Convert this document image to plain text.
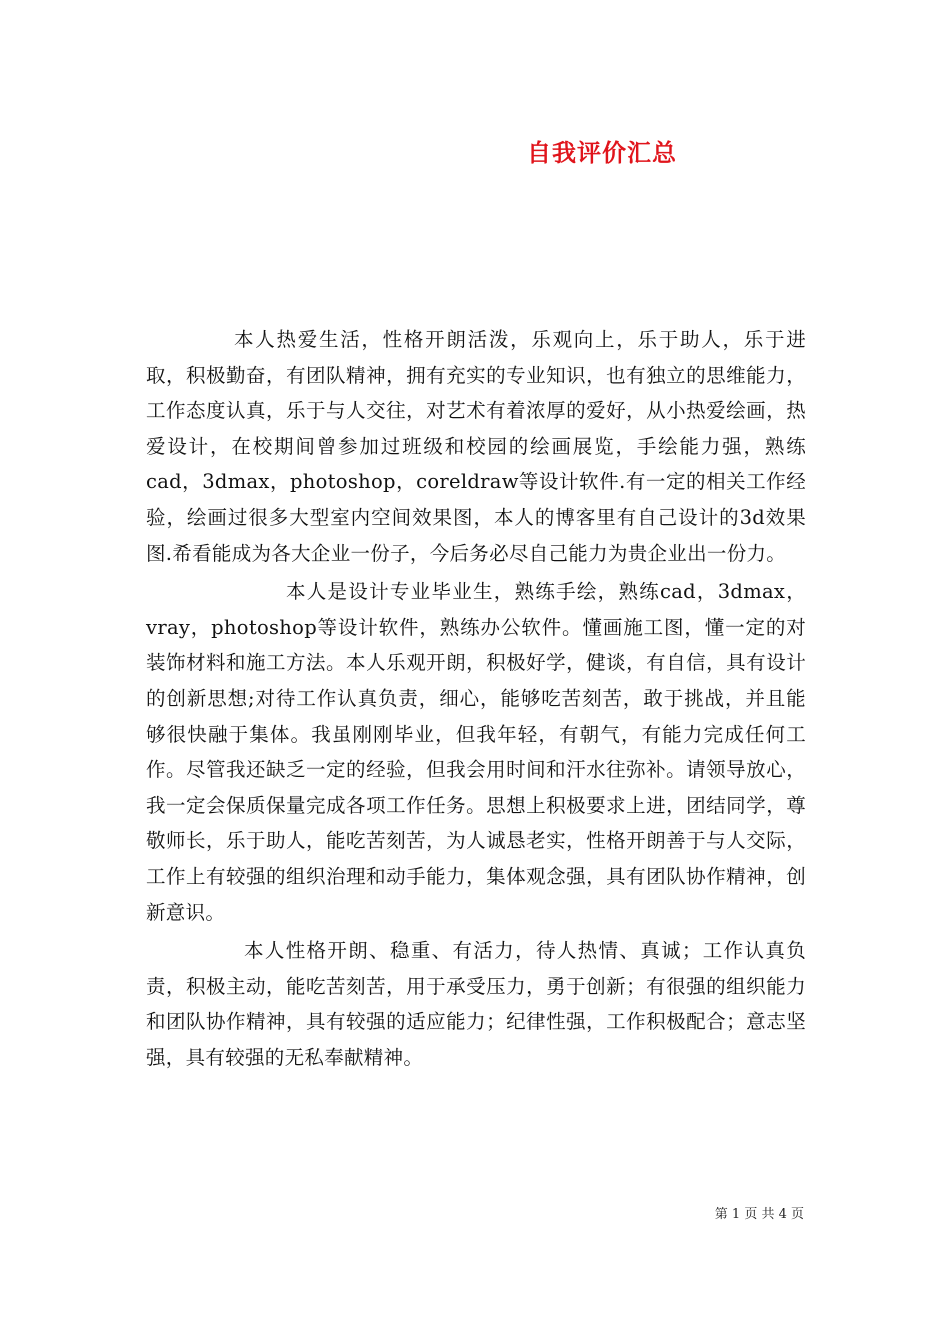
自我评价汇总

本人热爱生活，性格开朗活泼，乐观向上，乐于助人，乐于进取，积极勤奋，有团队精神，拥有充实的专业知识，也有独立的思维能力，工作态度认真，乐于与人交往，对艺术有着浓厚的爱好，从小热爱绘画，热爱设计，在校期间曾参加过班级和校园的绘画展览，手绘能力强，熟练cad，3dmax，photoshop，coreldraw等设计软件.有一定的相关工作经验，绘画过很多大型室内空间效果图，本人的博客里有自己设计的3d效果图.希看能成为各大企业一份子，今后务必尽自己能力为贵企业出一份力。

本人是设计专业毕业生，熟练手绘，熟练cad，3dmax，vray，photoshop等设计软件，熟练办公软件。懂画施工图，懂一定的对装饰材料和施工方法。本人乐观开朗，积极好学，健谈，有自信，具有设计的创新思想;对待工作认真负责，细心，能够吃苦刻苦，敢于挑战，并且能够很快融于集体。我虽刚刚毕业，但我年轻，有朝气，有能力完成任何工作。尽管我还缺乏一定的经验，但我会用时间和汗水往弥补。请领导放心，我一定会保质保量完成各项工作任务。思想上积极要求上进，团结同学，尊敬师长，乐于助人，能吃苦刻苦，为人诚恳老实，性格开朗善于与人交际，工作上有较强的组织治理和动手能力，集体观念强，具有团队协作精神，创新意识。

本人性格开朗、稳重、有活力，待人热情、真诚；工作认真负责，积极主动，能吃苦刻苦，用于承受压力，勇于创新；有很强的组织能力和团队协作精神，具有较强的适应能力；纪律性强，工作积极配合；意志坚强，具有较强的无私奉献精神。

第 1 页 共 4 页
